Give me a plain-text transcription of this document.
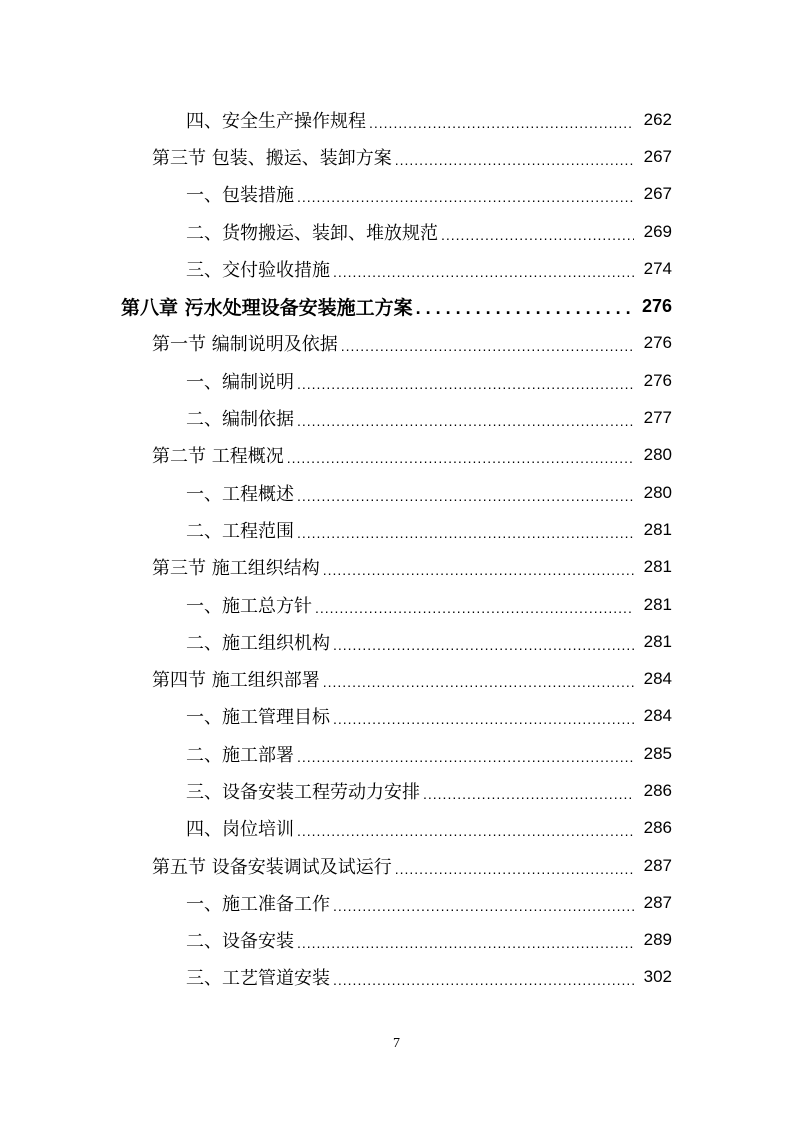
四、安全生产操作规程 .....	262
第三节 包装、搬运、装卸方案 .....	267
一、包装措施 .....	267
二、货物搬运、装卸、堆放规范 .....	269
三、交付验收措施 .....	274
第八章 污水处理设备安装施工方案 .....	276
第一节 编制说明及依据 .....	276
一、编制说明 .....	276
二、编制依据 .....	277
第二节 工程概况 .....	280
一、工程概述 .....	280
二、工程范围 .....	281
第三节 施工组织结构 .....	281
一、施工总方针 .....	281
二、施工组织机构 .....	281
第四节 施工组织部署 .....	284
一、施工管理目标 .....	284
二、施工部署 .....	285
三、设备安装工程劳动力安排 .....	286
四、岗位培训 .....	286
第五节 设备安装调试及试运行 .....	287
一、施工准备工作 .....	287
二、设备安装 .....	289
三、工艺管道安装 .....	302
7
